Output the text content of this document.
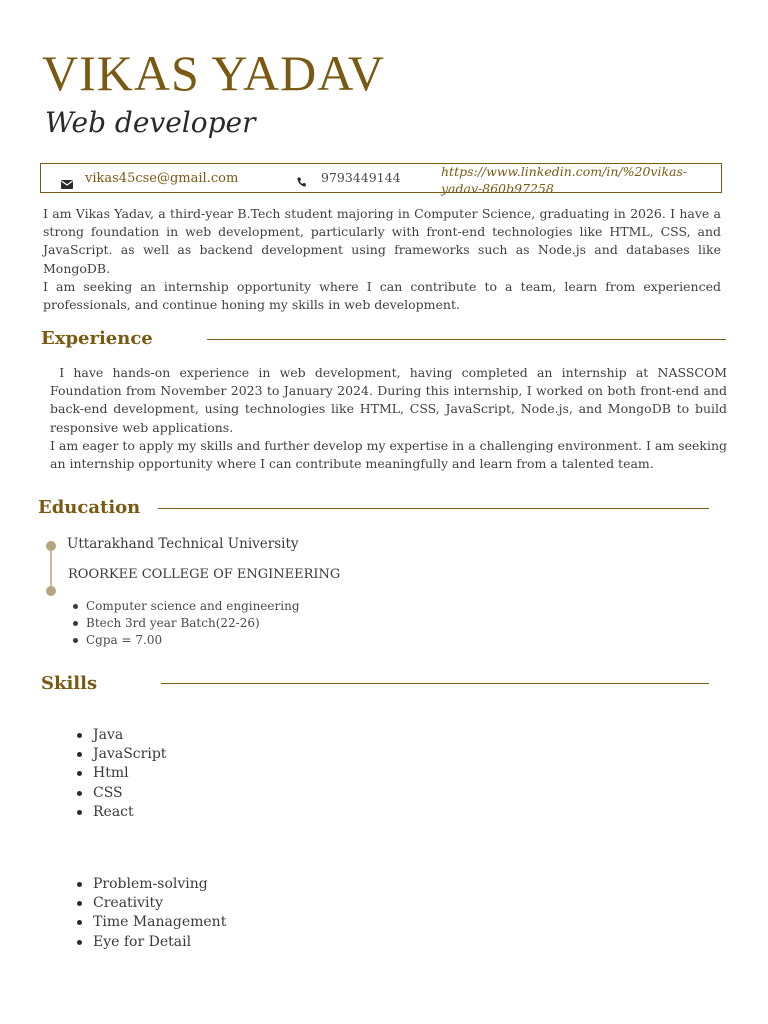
VIKAS YADAV
Web developer
vikas45cse@gmail.com	9793449144	https://www.linkedin.com/in/%20vikas-yadav-860b97258

I am Vikas Yadav, a third-year B.Tech student majoring in Computer Science, graduating in 2026. I have a strong foundation in web development, particularly with front-end technologies like HTML, CSS, and JavaScript. as well as backend development using frameworks such as Node.js and databases like MongoDB.

I am seeking an internship opportunity where I can contribute to a team, learn from experienced professionals, and continue honing my skills in web development.

Experience

I have hands-on experience in web development, having completed an internship at NASSCOM Foundation from November 2023 to January 2024. During this internship, I worked on both front-end and back-end development, using technologies like HTML, CSS, JavaScript, Node.js, and MongoDB to build responsive web applications.

I am eager to apply my skills and further develop my expertise in a challenging environment. I am seeking an internship opportunity where I can contribute meaningfully and learn from a talented team.

Education
Uttarakhand Technical University
ROORKEE COLLEGE OF ENGINEERING
Computer science and engineering
Btech 3rd year Batch(22-26)
Cgpa = 7.00
Skills
Java
JavaScript
Html
CSS
React
Problem-solving
Creativity
Time Management
Eye for Detail
